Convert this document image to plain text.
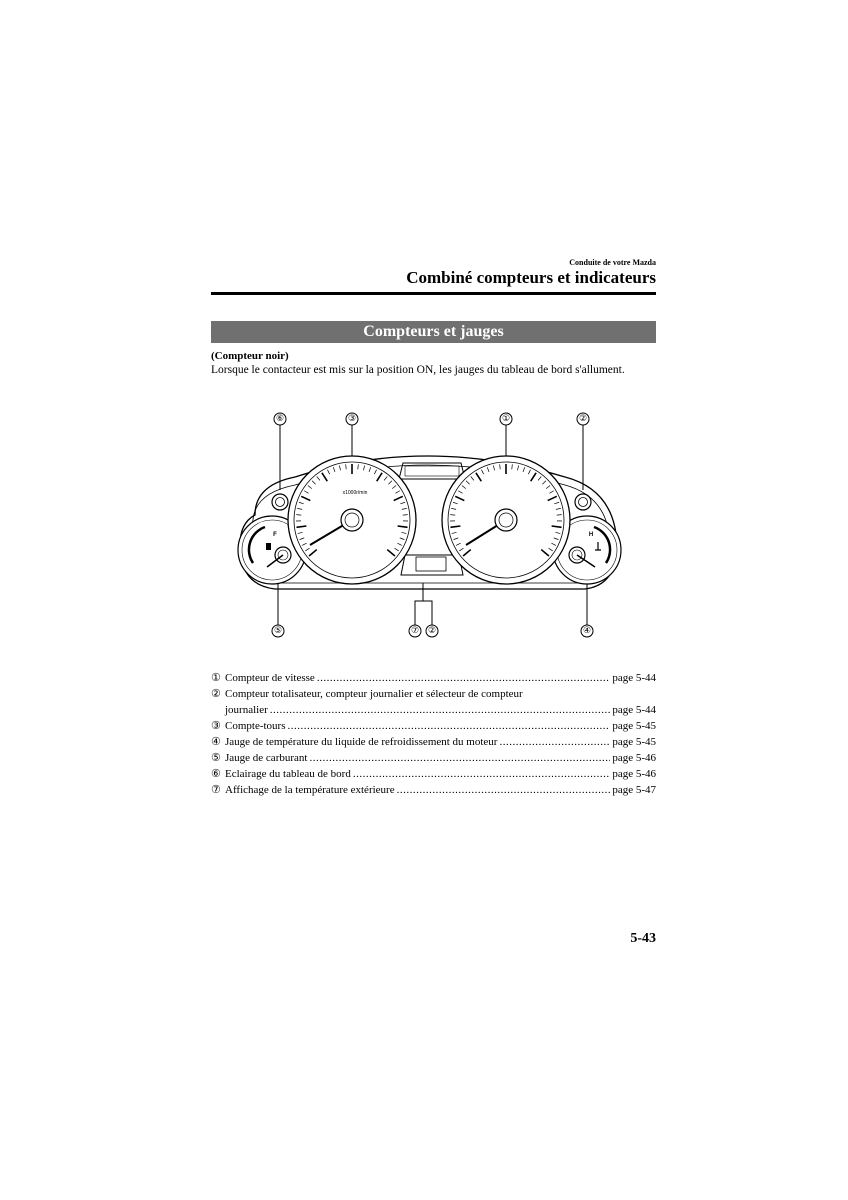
Conduite de votre Mazda
Combiné compteurs et indicateurs
Compteurs et jauges
(Compteur noir)
Lorsque le contacteur est mis sur la position ON, les jauges du tableau de bord s'allument.
⑥	③	①	②
⑤	⑦ ②	④
F	H
x1000r/min
① Compteur de vitesse .....	page 5-44
② Compteur totalisateur, compteur journalier et sélecteur de compteur
journalier .....	page 5-44
③ Compte-tours .....	page 5-45
④ Jauge de température du liquide de refroidissement du moteur .....	page 5-45
⑤ Jauge de carburant .....	page 5-46
⑥ Eclairage du tableau de bord .....	page 5-46
⑦ Affichage de la température extérieure .....	page 5-47
5-43
